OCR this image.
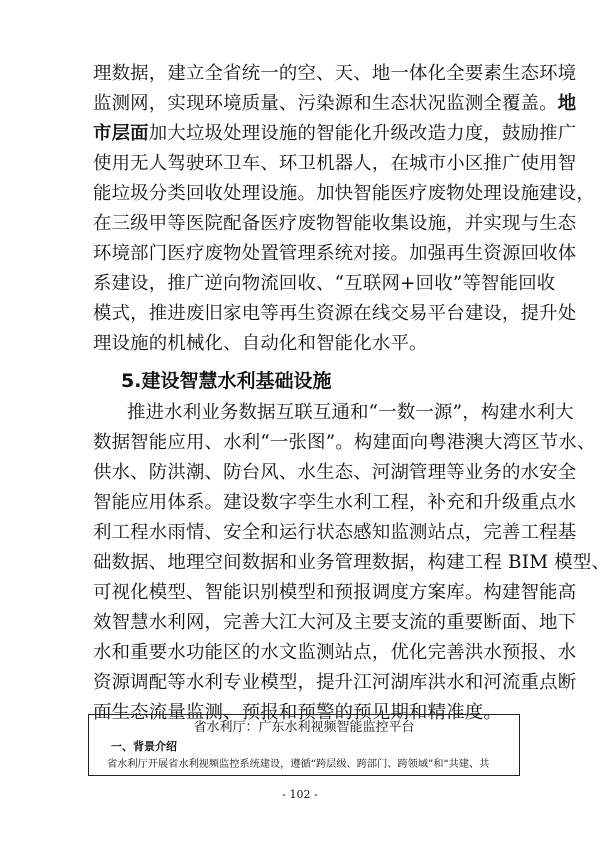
理数据，建立全省统一的空、天、地一体化全要素生态环境
监测网，实现环境质量、污染源和生态状况监测全覆盖。地
市层面加大垃圾处理设施的智能化升级改造力度，鼓励推广
使用无人驾驶环卫车、环卫机器人，在城市小区推广使用智
能垃圾分类回收处理设施。加快智能医疗废物处理设施建设，
在三级甲等医院配备医疗废物智能收集设施，并实现与生态
环境部门医疗废物处置管理系统对接。加强再生资源回收体
系建设，推广逆向物流回收、“互联网+回收”等智能回收
模式，推进废旧家电等再生资源在线交易平台建设，提升处
理设施的机械化、自动化和智能化水平。
5.建设智慧水利基础设施
推进水利业务数据互联互通和“一数一源”，构建水利大
数据智能应用、水利“一张图”。构建面向粤港澳大湾区节水、
供水、防洪潮、防台风、水生态、河湖管理等业务的水安全
智能应用体系。建设数字孪生水利工程，补充和升级重点水
利工程水雨情、安全和运行状态感知监测站点，完善工程基
础数据、地理空间数据和业务管理数据，构建工程 BIM 模型、
可视化模型、智能识别模型和预报调度方案库。构建智能高
效智慧水利网，完善大江大河及主要支流的重要断面、地下
水和重要水功能区的水文监测站点，优化完善洪水预报、水
资源调配等水利专业模型，提升江河湖库洪水和河流重点断
面生态流量监测、预报和预警的预见期和精准度。
省水利厅：广东水利视频智能监控平台
一、背景介绍
省水利厅开展省水利视频监控系统建设，遵循“跨层级、跨部门、跨领域”和“共建、共
- 102 -
